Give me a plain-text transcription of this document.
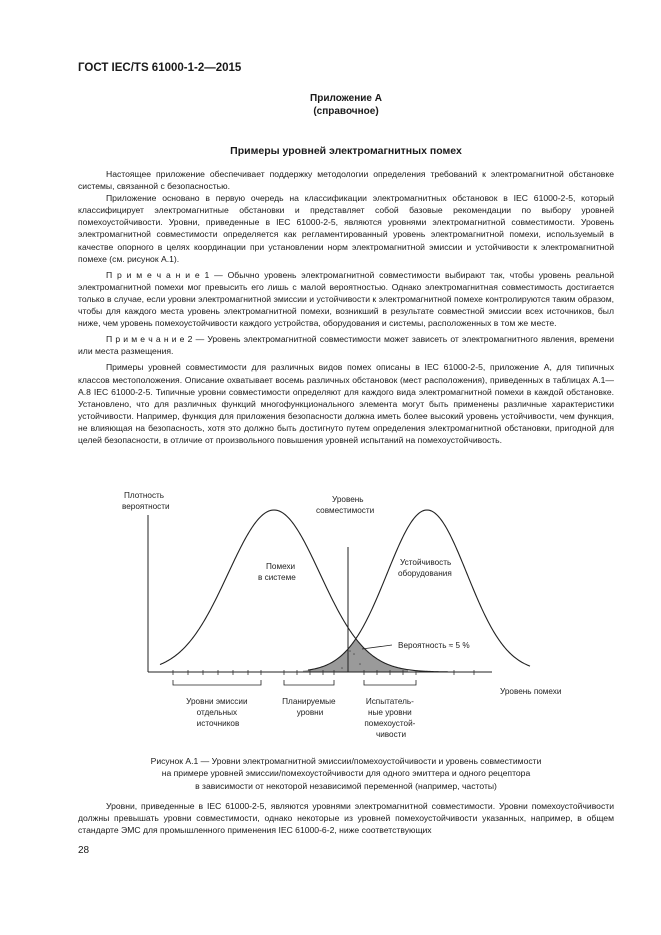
ГОСТ IEC/TS 61000-1-2—2015
Приложение А
(справочное)
Примеры уровней электромагнитных помех

Настоящее приложение обеспечивает поддержку методологии определения требований к электромагнитной обстановке системы, связанной с безопасностью.

Приложение основано в первую очередь на классификации электромагнитных обстановок в IEC 61000-2-5, который классифицирует электромагнитные обстановки и представляет собой базовые рекомендации по выбору уровней помехоустойчивости. Уровни, приведенные в IEC 61000-2-5, являются уровнями электромагнитной совместимости. Уровень электромагнитной совместимости определяется как регламентированный уровень электромагнитной помехи, используемый в качестве опорного в целях координации при установлении норм электромагнитной эмиссии и устойчивости к электромагнитной помехе (см. рисунок А.1).

П р и м е ч а н и е 1 — Обычно уровень электромагнитной совместимости выбирают так, чтобы уровень реальной электромагнитной помехи мог превысить его лишь с малой вероятностью. Однако электромагнитная совместимость достигается только в случае, если уровни электромагнитной эмиссии и устойчивости к электромагнитной помехе контролируются таким образом, чтобы для каждого места уровень электромагнитной помехи, возникший в результате совместной эмиссии всех источников, был ниже, чем уровень помехоустойчивости каждого устройства, оборудования и системы, расположенных в том же месте.

П р и м е ч а н и е 2 — Уровень электромагнитной совместимости может зависеть от электромагнитного явления, времени или места размещения.

Примеры уровней совместимости для различных видов помех описаны в IEC 61000-2-5, приложение А, для типичных классов местоположения. Описание охватывает восемь различных обстановок (мест расположения), приведенных в таблицах А.1—А.8 IEC 61000-2-5. Типичные уровни совместимости определяют для каждого вида электромагнитной помехи в каждой обстановке. Установлено, что для различных функций многофункционального элемента могут быть применены различные характеристики устойчивости. Например, функция для приложения безопасности должна иметь более высокий уровень устойчивости, чем функция, не влияющая на безопасность, хотя это должно быть достигнуто путем определения электромагнитной обстановки, пригодной для целей безопасности, в отличие от произвольного повышения уровней испытаний на помехоустойчивость.

Плотность вероятности
Уровень совместимости
Помехи в системе
Устойчивость оборудования
Вероятность ≈ 5 %
Уровень помехи
Уровни эмиссии отдельных источников
Планируемые уровни
Испытатель- ные уровни помехоустой- чивости
Рисунок А.1 — Уровни электромагнитной эмиссии/помехоустойчивости и уровень совместимости
на примере уровней эмиссии/помехоустойчивости для одного эмиттера и одного рецептора
в зависимости от некоторой независимой переменной (например, частоты)

Уровни, приведенные в IEC 61000-2-5, являются уровнями электромагнитной совместимости. Уровни помехоустойчивости должны превышать уровни совместимости, однако некоторые из уровней помехоустойчивости указанных, например, в общем стандарте ЭМС для промышленного применения IEC 61000-6-2, ниже соответствующих

28
